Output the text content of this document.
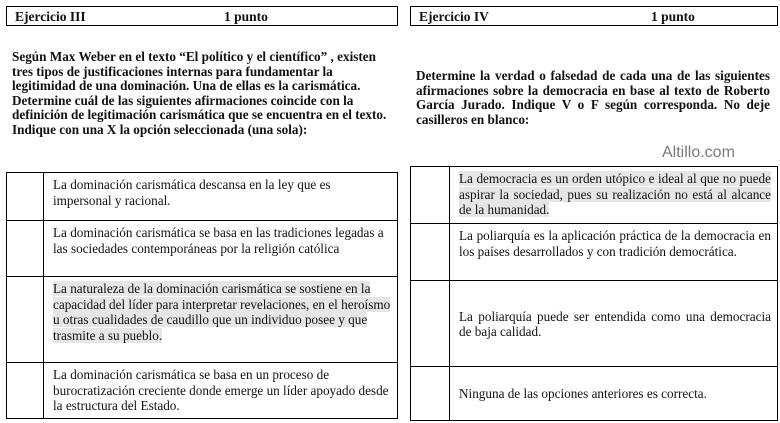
Ejercicio III	1 punto	Ejercicio IV	1 punto
Según Max Weber en el texto “El político y el científico” , existen tres tipos de justificaciones internas para fundamentar la legitimidad de una dominación. Una de ellas es la carismática. Determine cuál de las siguientes afirmaciones coincide con la definición de legitimación carismática que se encuentra en el texto. Indique con una X la opción seleccionada (una sola):
Determine la verdad o falsedad de cada una de las siguientes afirmaciones sobre la democracia en base al texto de Roberto García Jurado. Indique V o F según corresponda. No deje casilleros en blanco:
Altillo.com
	La dominación carismática descansa en la ley que es impersonal y racional.
	La dominación carismática se basa en las tradiciones legadas a las sociedades contemporáneas por la religión católica
	La naturaleza de la dominación carismática se sostiene en la capacidad del líder para interpretar revelaciones, en el heroísmo u otras cualidades de caudillo que un individuo posee y que trasmite a su pueblo.
	La dominación carismática se basa en un proceso de burocratización creciente donde emerge un líder apoyado desde la estructura del Estado.
	La democracia es un orden utópico e ideal al que no puede aspirar la sociedad, pues su realización no está al alcance de la humanidad.
	La poliarquía es la aplicación práctica de la democracia en los países desarrollados y con tradición democrática.
	La poliarquía puede ser entendida como una democracia de baja calidad.
	Ninguna de las opciones anteriores es correcta.
